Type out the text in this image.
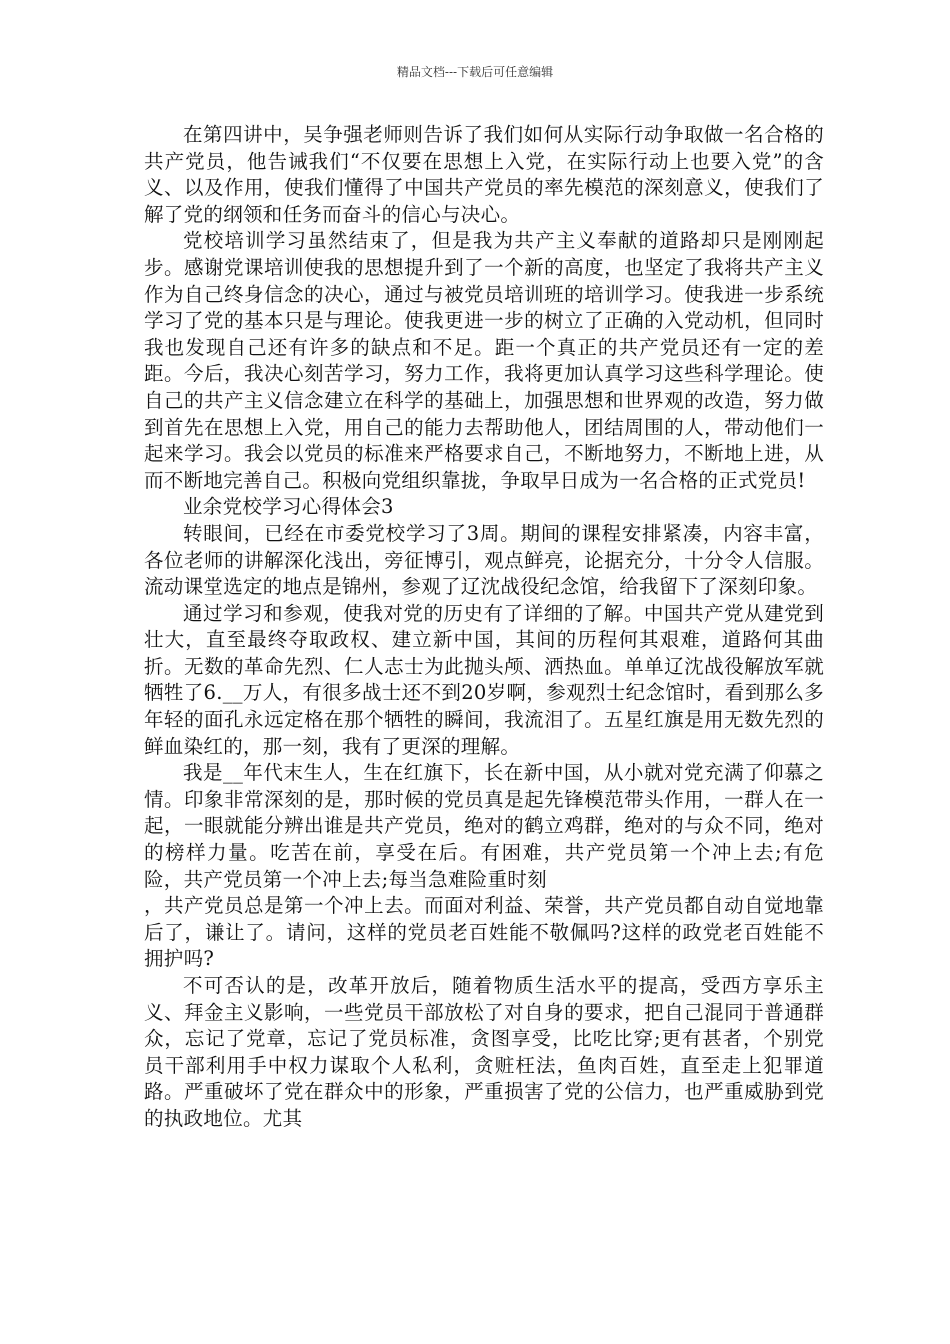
精品文档---下载后可任意编辑

在第四讲中，吴争强老师则告诉了我们如何从实际行动争取做一名合格的共产党员，他告诫我们“不仅要在思想上入党，在实际行动上也要入党”的含义、以及作用，使我们懂得了中国共产党员的率先模范的深刻意义，使我们了解了党的纲领和任务而奋斗的信心与决心。

党校培训学习虽然结束了，但是我为共产主义奉献的道路却只是刚刚起步。感谢党课培训使我的思想提升到了一个新的高度，也坚定了我将共产主义作为自己终身信念的决心，通过与被党员培训班的培训学习。使我进一步系统学习了党的基本只是与理论。使我更进一步的树立了正确的入党动机，但同时我也发现自己还有许多的缺点和不足。距一个真正的共产党员还有一定的差距。今后，我决心刻苦学习，努力工作，我将更加认真学习这些科学理论。使自己的共产主义信念建立在科学的基础上，加强思想和世界观的改造，努力做到首先在思想上入党，用自己的能力去帮助他人，团结周围的人，带动他们一起来学习。我会以党员的标准来严格要求自己，不断地努力，不断地上进，从而不断地完善自己。积极向党组织靠拢，争取早日成为一名合格的正式党员!

业余党校学习心得体会3

转眼间，已经在市委党校学习了3周。期间的课程安排紧凑，内容丰富，各位老师的讲解深化浅出，旁征博引，观点鲜亮，论据充分，十分令人信服。流动课堂选定的地点是锦州，参观了辽沈战役纪念馆，给我留下了深刻印象。

通过学习和参观，使我对党的历史有了详细的了解。中国共产党从建党到壮大，直至最终夺取政权、建立新中国，其间的历程何其艰难，道路何其曲折。无数的革命先烈、仁人志士为此抛头颅、洒热血。单单辽沈战役解放军就牺牲了6.__万人，有很多战士还不到20岁啊，参观烈士纪念馆时，看到那么多年轻的面孔永远定格在那个牺牲的瞬间，我流泪了。五星红旗是用无数先烈的鲜血染红的，那一刻，我有了更深的理解。

我是__年代末生人，生在红旗下，长在新中国，从小就对党充满了仰慕之情。印象非常深刻的是，那时候的党员真是起先锋模范带头作用，一群人在一起，一眼就能分辨出谁是共产党员，绝对的鹤立鸡群，绝对的与众不同，绝对的榜样力量。吃苦在前，享受在后。有困难，共产党员第一个冲上去;有危险，共产党员第一个冲上去;每当急难险重时刻

，共产党员总是第一个冲上去。而面对利益、荣誉，共产党员都自动自觉地靠后了，谦让了。请问，这样的党员老百姓能不敬佩吗?这样的政党老百姓能不拥护吗?

不可否认的是，改革开放后，随着物质生活水平的提高，受西方享乐主义、拜金主义影响，一些党员干部放松了对自身的要求，把自己混同于普通群众，忘记了党章，忘记了党员标准，贪图享受，比吃比穿;更有甚者，个别党员干部利用手中权力谋取个人私利，贪赃枉法，鱼肉百姓，直至走上犯罪道路。严重破坏了党在群众中的形象，严重损害了党的公信力，也严重威胁到党的执政地位。尤其
